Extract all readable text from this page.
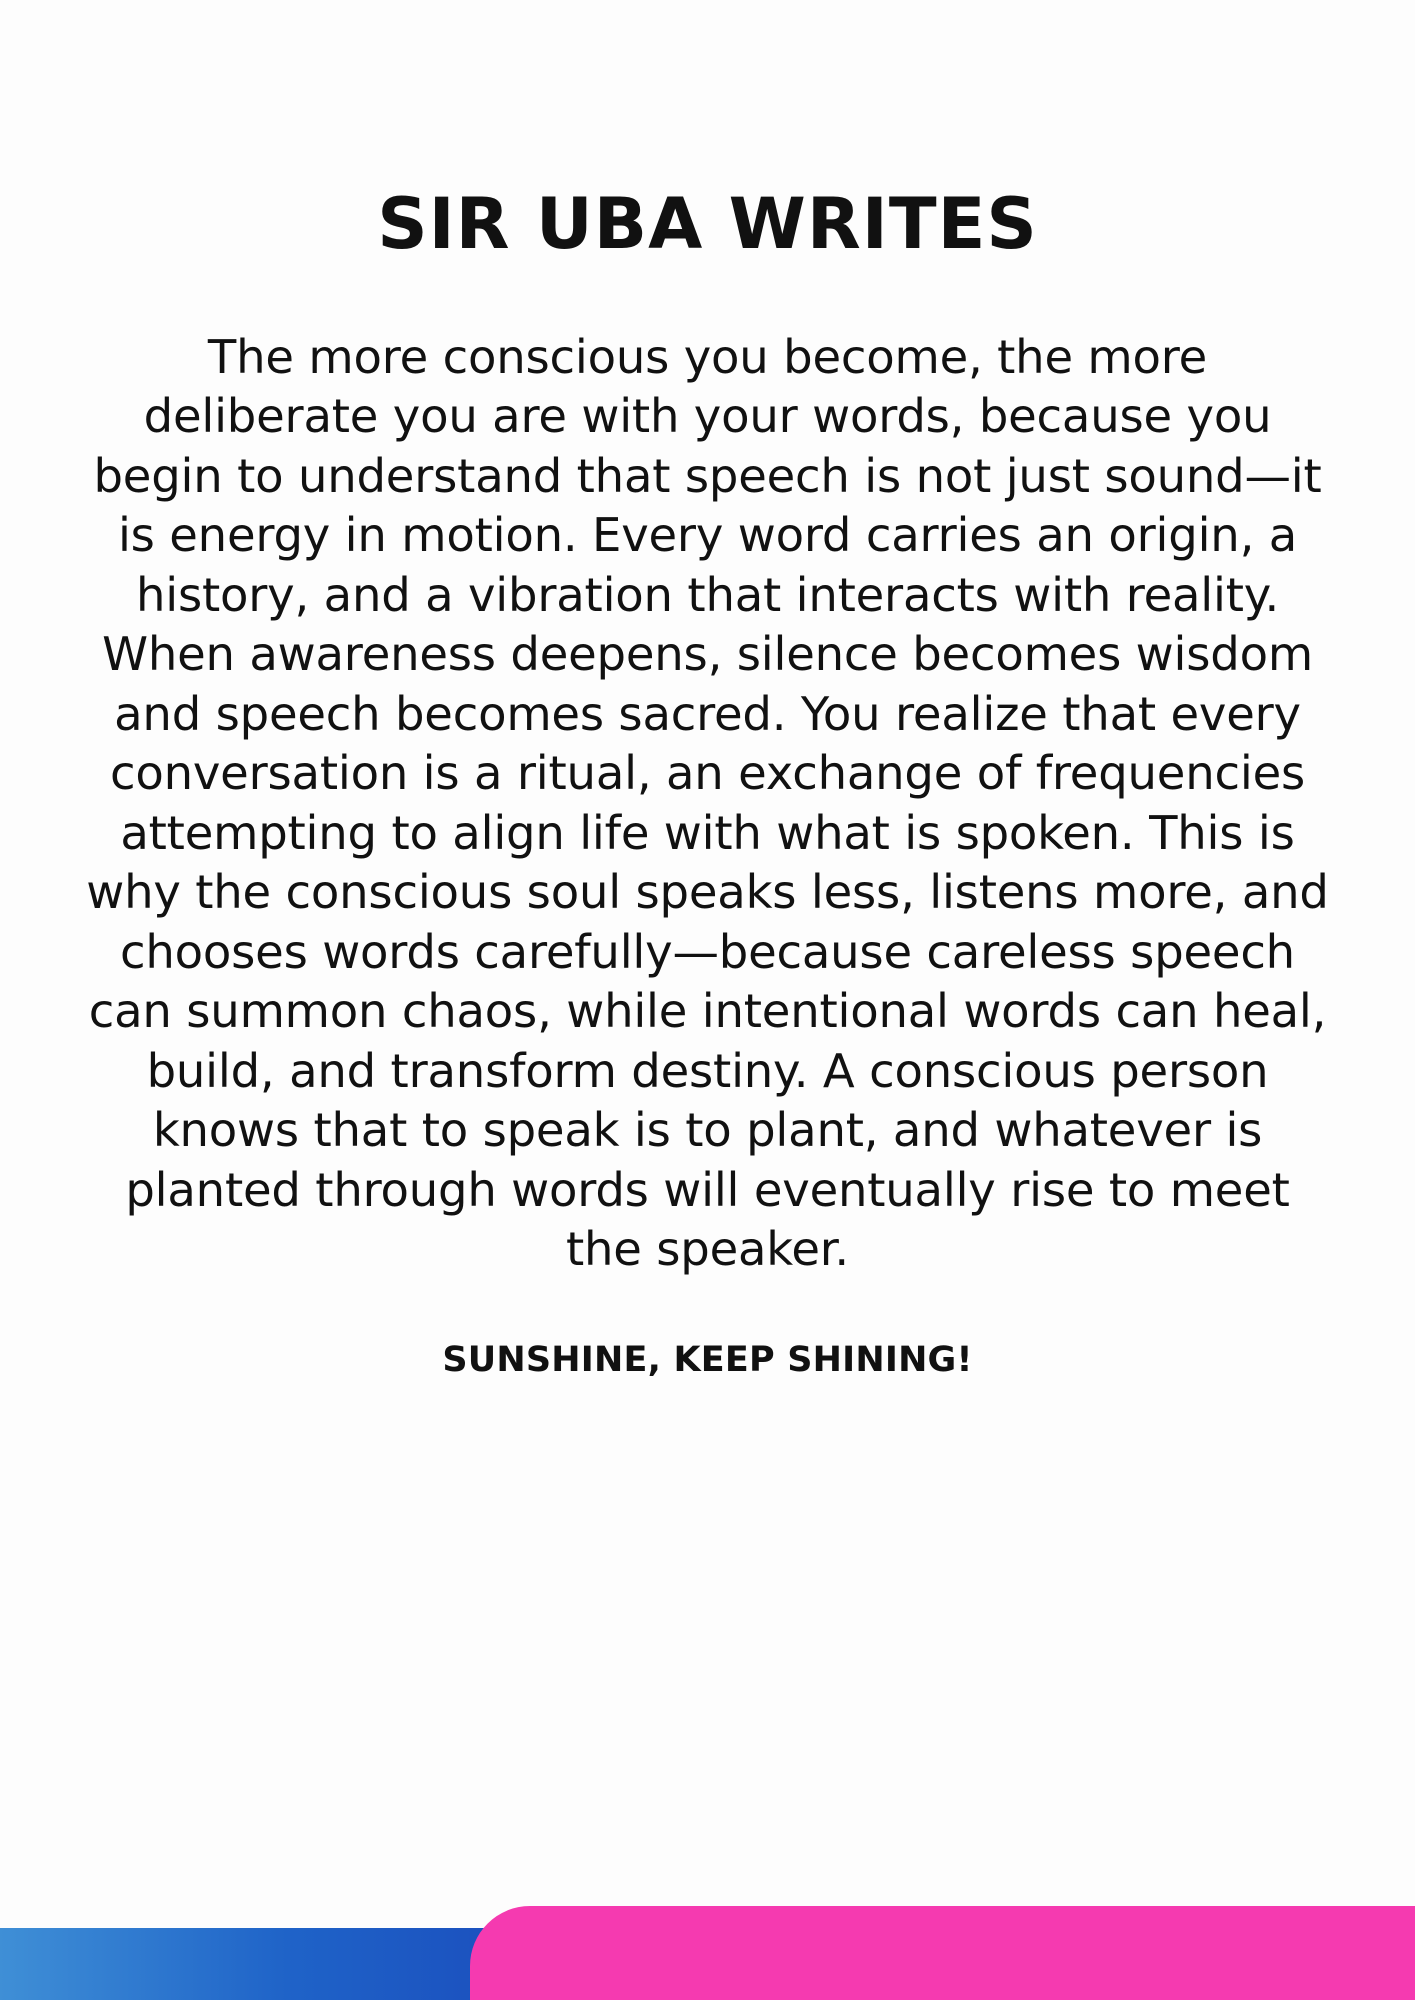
SIR UBA WRITES

The more conscious you become, the more deliberate you are with your words, because you begin to understand that speech is not just sound—it is energy in motion. Every word carries an origin, a history, and a vibration that interacts with reality. When awareness deepens, silence becomes wisdom and speech becomes sacred. You realize that every conversation is a ritual, an exchange of frequencies attempting to align life with what is spoken. This is why the conscious soul speaks less, listens more, and chooses words carefully—because careless speech can summon chaos, while intentional words can heal, build, and transform destiny. A conscious person knows that to speak is to plant, and whatever is planted through words will eventually rise to meet the speaker.

SUNSHINE, KEEP SHINING!
